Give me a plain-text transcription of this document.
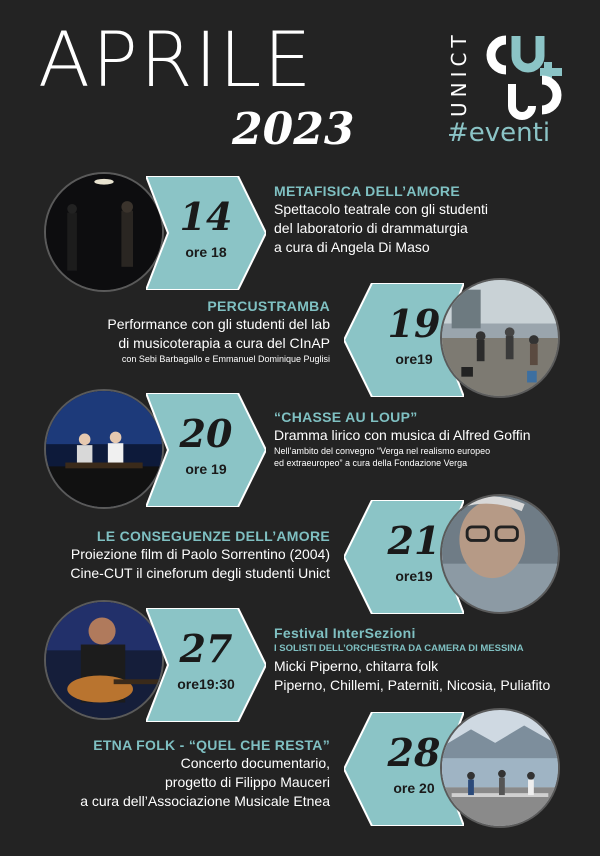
APRILE
2023
UNICT
#eventi
14
ore 18
METAFISICA DELL’AMORE
Spettacolo teatrale con gli studenti
del laboratorio di drammaturgia
a cura di Angela Di Maso
PERCUSTRAMBA
Performance con gli studenti del lab
di musicoterapia a cura del CInAP
con Sebi Barbagallo e Emmanuel Dominique Puglisi
19
ore19
20
ore 19
“CHASSE AU LOUP”
Dramma lirico con musica di Alfred Goffin
Nell’ambito del convegno “Verga nel realismo europeo
ed extraeuropeo” a cura della Fondazione Verga
LE CONSEGUENZE DELL’AMORE
Proiezione film di Paolo Sorrentino (2004)
Cine-CUT il cineforum degli studenti Unict
21
ore19
27
ore19:30
Festival InterSezioni
I SOLISTI DELL’ORCHESTRA DA CAMERA DI MESSINA
Micki Piperno, chitarra folk
Piperno, Chillemi, Paterniti, Nicosia, Puliafito
ETNA FOLK - “QUEL CHE RESTA”
Concerto documentario,
progetto di Filippo Mauceri
a cura dell’Associazione Musicale Etnea
28
ore 20
